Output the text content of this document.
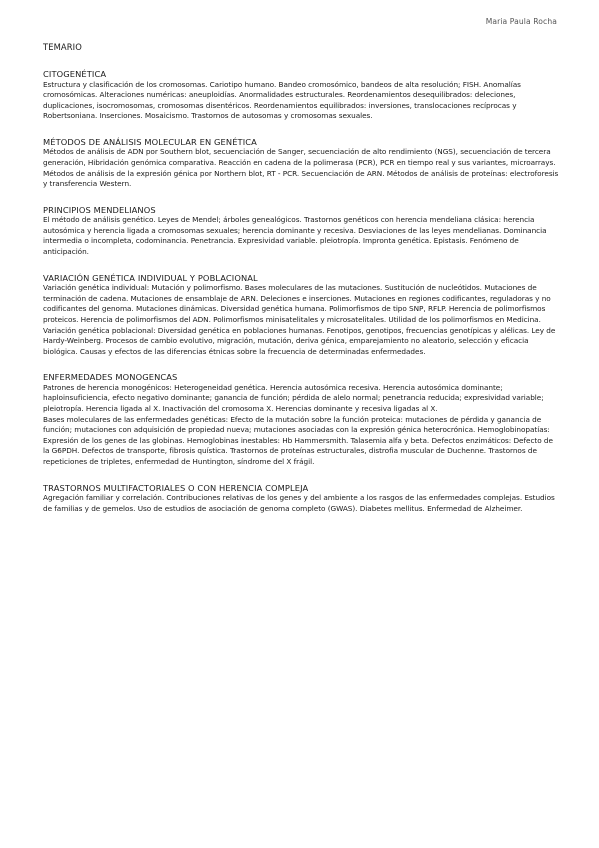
Maria Paula Rocha
TEMARIO
CITOGENÉTICA

Estructura y clasificación de los cromosomas. Cariotipo humano. Bandeo cromosómico, bandeos de alta resolución; FISH. Anomalías cromosómicas. Alteraciones numéricas: aneuploidías. Anormalidades estructurales. Reordenamientos desequilibrados: deleciones, duplicaciones, isocromosomas, cromosomas disentéricos. Reordenamientos equilibrados: inversiones, translocaciones recíprocas y Robertsoniana. Inserciones. Mosaicismo. Trastornos de autosomas y cromosomas sexuales.

MÉTODOS DE ANÁLISIS MOLECULAR EN GENÉTICA

Métodos de análisis de ADN por Southern blot, secuenciación de Sanger, secuenciación de alto rendimiento (NGS), secuenciación de tercera generación, Hibridación genómica comparativa. Reacción en cadena de la polimerasa (PCR), PCR en tiempo real y sus variantes, microarrays. Métodos de análisis de la expresión génica por Northern blot, RT - PCR. Secuenciación de ARN. Métodos de análisis de proteínas: electroforesis y transferencia Western.

PRINCIPIOS MENDELIANOS

El método de análisis genético. Leyes de Mendel; árboles genealógicos. Trastornos genéticos con herencia mendeliana clásica: herencia autosómica y herencia ligada a cromosomas sexuales; herencia dominante y recesiva. Desviaciones de las leyes mendelianas. Dominancia intermedia o incompleta, codominancia. Penetrancia. Expresividad variable. pleiotropía. Impronta genética. Epistasis. Fenómeno de anticipación.

VARIACIÓN GENÉTICA INDIVIDUAL Y POBLACIONAL

Variación genética individual: Mutación y polimorfismo. Bases moleculares de las mutaciones. Sustitución de nucleótidos. Mutaciones de terminación de cadena. Mutaciones de ensamblaje de ARN. Deleciones e inserciones. Mutaciones en regiones codificantes, reguladoras y no codificantes del genoma. Mutaciones dinámicas. Diversidad genética humana. Polimorfismos de tipo SNP, RFLP. Herencia de polimorfismos proteicos. Herencia de polimorfismos del ADN. Polimorfismos minisatelitales y microsatelitales. Utilidad de los polimorfismos en Medicina.

Variación genética poblacional: Diversidad genética en poblaciones humanas. Fenotipos, genotipos, frecuencias genotípicas y alélicas. Ley de Hardy-Weinberg. Procesos de cambio evolutivo, migración, mutación, deriva génica, emparejamiento no aleatorio, selección y eficacia biológica. Causas y efectos de las diferencias étnicas sobre la frecuencia de determinadas enfermedades.

ENFERMEDADES MONOGENCAS

Patrones de herencia monogénicos: Heterogeneidad genética. Herencia autosómica recesiva. Herencia autosómica dominante; haploinsuficiencia, efecto negativo dominante; ganancia de función; pérdida de alelo normal; penetrancia reducida; expresividad variable; pleiotropía. Herencia ligada al X. Inactivación del cromosoma X. Herencias dominante y recesiva ligadas al X.

Bases moleculares de las enfermedades genéticas: Efecto de la mutación sobre la función proteica: mutaciones de pérdida y ganancia de función; mutaciones con adquisición de propiedad nueva; mutaciones asociadas con la expresión génica heterocrónica. Hemoglobinopatías: Expresión de los genes de las globinas. Hemoglobinas inestables: Hb Hammersmith. Talasemia alfa y beta. Defectos enzimáticos: Defecto de la G6PDH. Defectos de transporte, fibrosis quística. Trastornos de proteínas estructurales, distrofia muscular de Duchenne. Trastornos de repeticiones de tripletes, enfermedad de Huntington, síndrome del X frágil.

TRASTORNOS MULTIFACTORIALES O CON HERENCIA COMPLEJA

Agregación familiar y correlación. Contribuciones relativas de los genes y del ambiente a los rasgos de las enfermedades complejas. Estudios de familias y de gemelos. Uso de estudios de asociación de genoma completo (GWAS). Diabetes mellitus. Enfermedad de Alzheimer.
